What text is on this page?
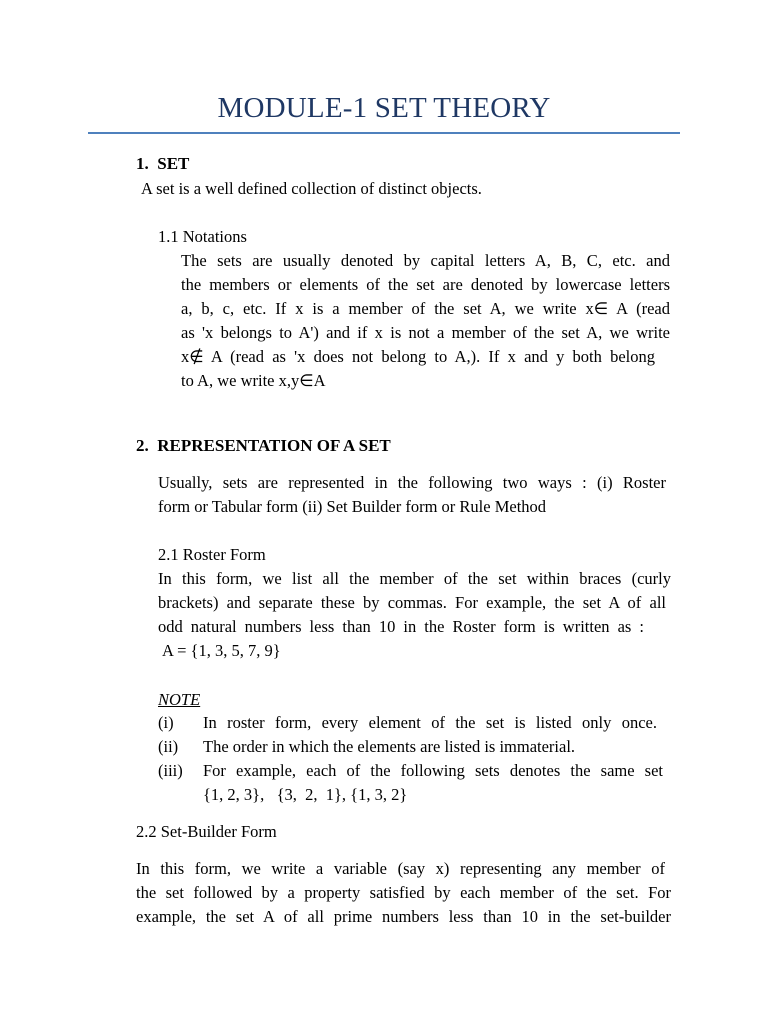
MODULE-1 SET THEORY
1.  SET
A set is a well defined collection of distinct objects.
1.1 Notations
The sets are usually denoted by capital letters A, B, C, etc. and
the members or elements of the set are denoted by lowercase letters
a, b, c, etc. If x is a member of the set A, we write x∈ A (read
as 'x belongs to A') and if x is not a member of the set A, we write
x∉ A (read as 'x does not belong to A,). If x and y both belong
to A, we write x,y∈A
2.  REPRESENTATION OF A SET
Usually, sets are represented in the following two ways : (i) Roster
form or Tabular form (ii) Set Builder form or Rule Method
2.1 Roster Form
In this form, we list all the member of the set within braces (curly
brackets) and separate these by commas. For example, the set A of all
odd natural numbers less than 10 in the Roster form is written as :
A = {1, 3, 5, 7, 9}
NOTE
(i) In roster form, every element of the set is listed only once.
(ii) The order in which the elements are listed is immaterial.
(iii) For example, each of the following sets denotes the same set
{1, 2, 3},   {3,  2,  1}, {1, 3, 2}
2.2 Set-Builder Form
In this form, we write a variable (say x) representing any member of
the set followed by a property satisfied by each member of the set. For
example, the set A of all prime numbers less than 10 in the set-builder
